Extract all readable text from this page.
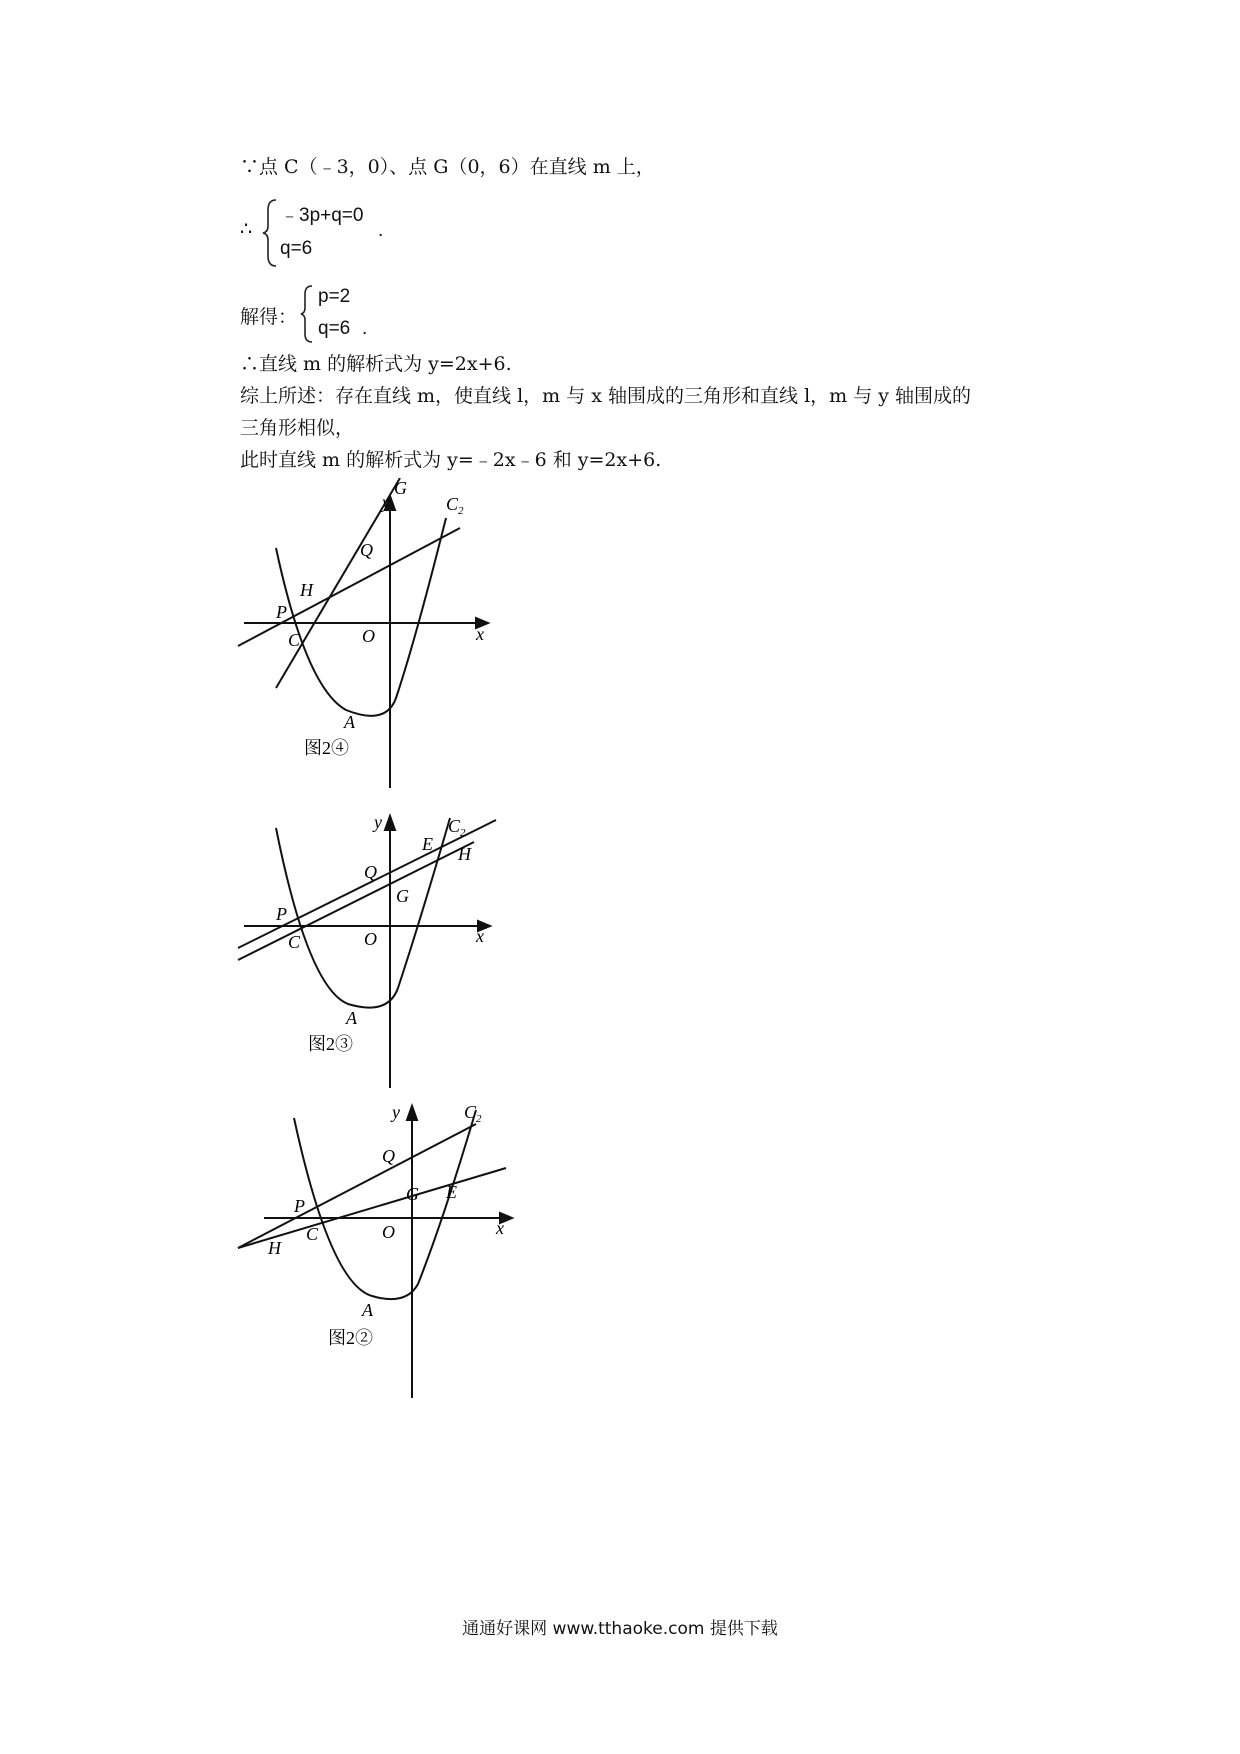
∵点 C（﹣3，0）、点 G（0，6）在直线 m 上，
∴
﹣3p+q=0
q=6
.
解得：
p=2
q=6 .
∴直线 m 的解析式为 y=2x+6.
综上所述：存在直线 m，使直线 l，m 与 x 轴围成的三角形和直线 l，m 与 y 轴围成的
三角形相似，
此时直线 m 的解析式为 y=﹣2x﹣6 和 y=2x+6.
y
x
O
G
$C_2$
Q
H
P
C
A
图2④
y
x
O
$C_2$
E H
Q
G
P
C
A
图2③
y
x
O
$C_2$
Q
G E
P
C
H
A
图2②
通通好课网 www.tthaoke.com 提供下载
